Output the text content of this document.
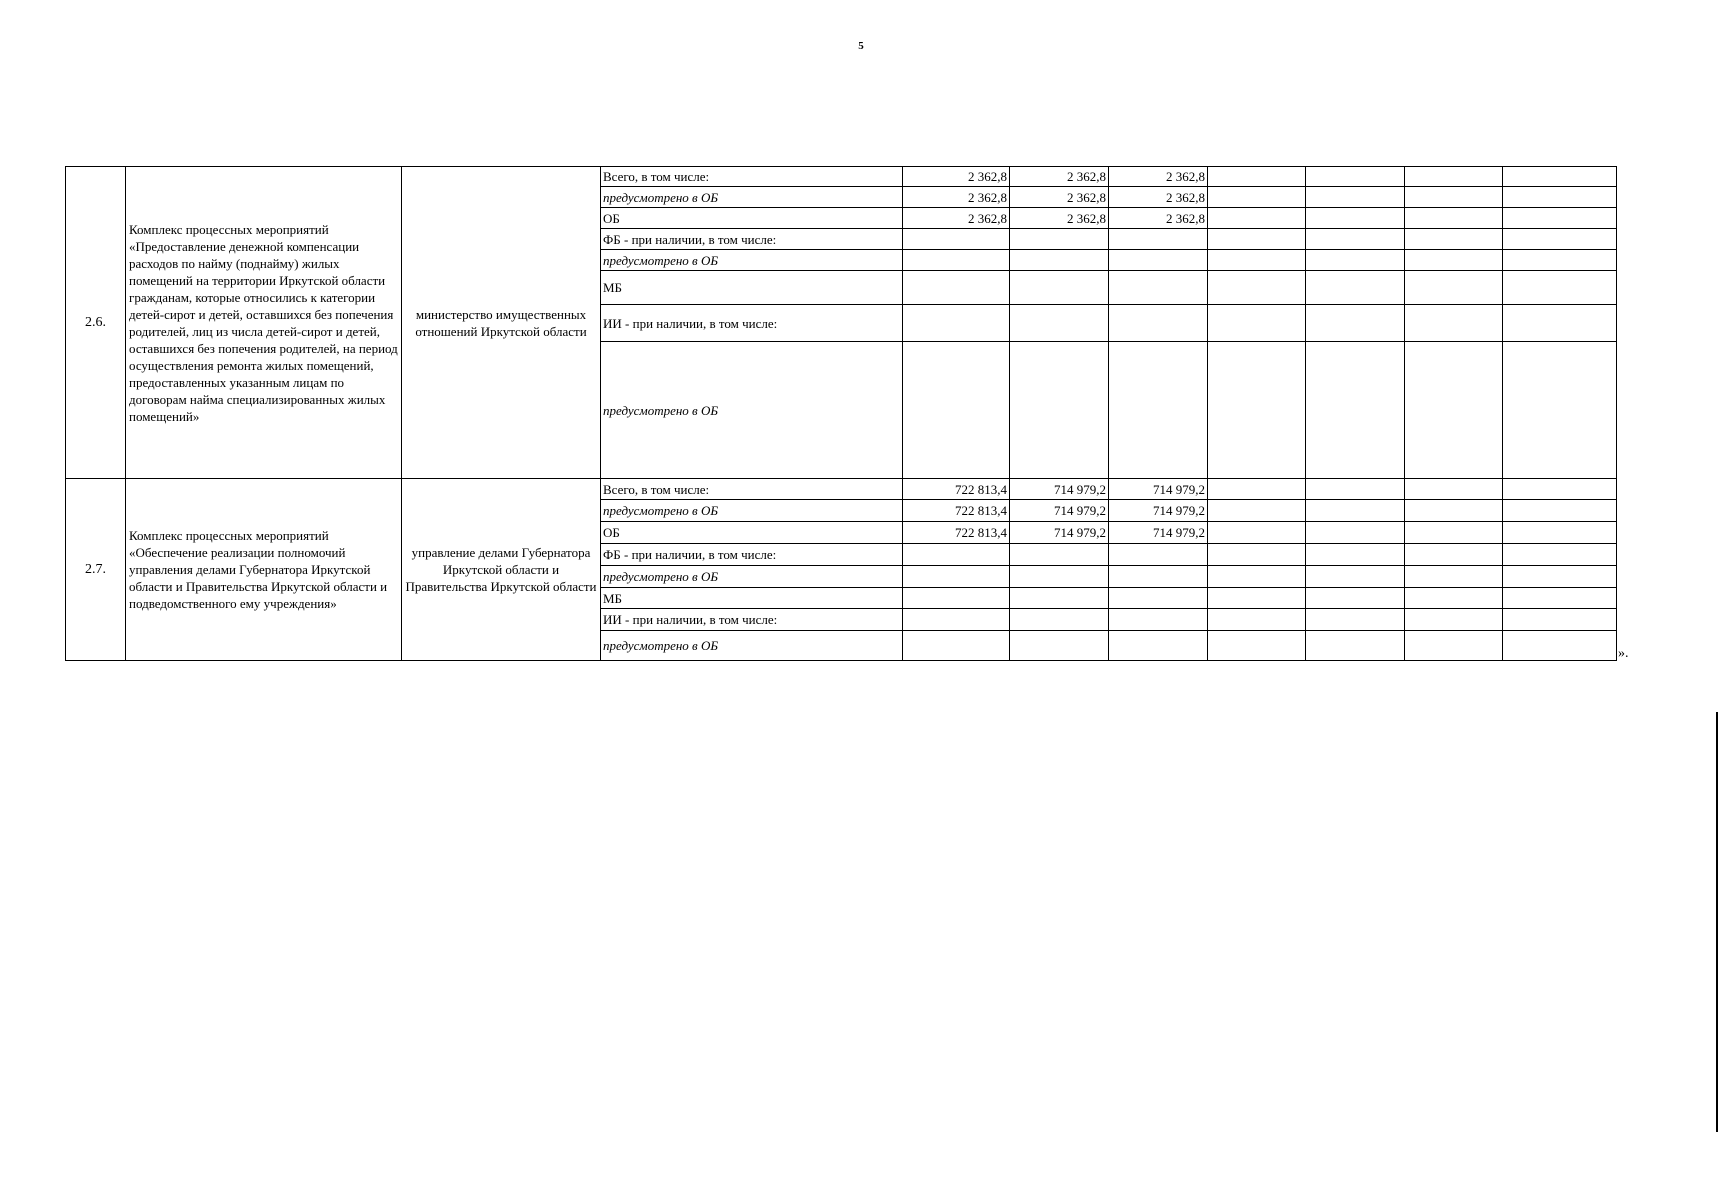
5
2.6.	Комплекс процессных мероприятий «Предоставление денежной компенсации расходов по найму (поднайму) жилых помещений на территории Иркутской области гражданам, которые относились к категории детей-сирот и детей, оставшихся без попечения родителей, лиц из числа детей-сирот и детей, оставшихся без попечения родителей, на период осуществления ремонта жилых помещений, предоставленных указанным лицам по договорам найма специализированных жилых помещений»	министерство имущественных отношений Иркутской области	Всего, в том числе:	2 362,8	2 362,8	2 362,8				
			предусмотрено в ОБ	2 362,8	2 362,8	2 362,8				
			ОБ	2 362,8	2 362,8	2 362,8				
			ФБ - при наличии, в том числе:							
			предусмотрено в ОБ							
			МБ							
			ИИ - при наличии, в том числе:							
			предусмотрено в ОБ							
2.7.	Комплекс процессных мероприятий «Обеспечение реализации полномочий управления делами Губернатора Иркутской области и Правительства Иркутской области и подведомственного ему учреждения»	управление делами Губернатора Иркутской области и Правительства Иркутской области	Всего, в том числе:	722 813,4	714 979,2	714 979,2				
			предусмотрено в ОБ	722 813,4	714 979,2	714 979,2				
			ОБ	722 813,4	714 979,2	714 979,2				
			ФБ - при наличии, в том числе:							
			предусмотрено в ОБ							
			МБ							
			ИИ - при наличии, в том числе:							
			предусмотрено в ОБ							
».
